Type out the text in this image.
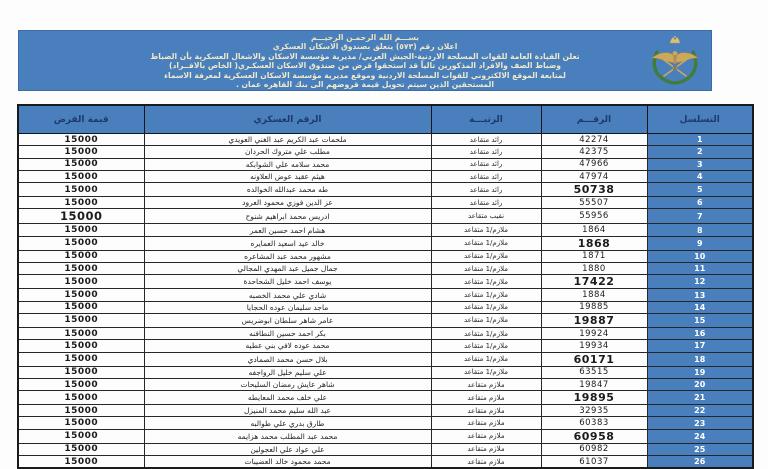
بســـم الله الرحمـن الرحيـــم
اعلان رقم (٥٧٣) يتعلق بصندوق الاسكان العسكري
تعلن القيادة العامة للقوات المسلحة الاردنية-الجيش العربي/ مديرية مؤسسة الاسكان والاشغال العسكرية بأن الضباط
وضباط الصف والافراد المذكورين تالياً قد استحقوا قرض من صندوق الاسكان العسكـري( الخاص بالافــراد)
لمتابعة الموقع الالكتروني للقوات المسلحة الاردنية وموقع مديرية مؤسسة الاسكان العسكرية لمعرفة الاسماء
المستحقين الذين سيتم تحويل قيمة قروضهم الى بنك القاهره عمان .
التسلسل	الرقـــم	الرتبـــة	الرقم العسكري	قيمة القرض
1	42274	رائد متقاعد	ملحمات عبد الكريم عبد الغني العويدي	15000
2	42375	رائد متقاعد	مطلب علي متروك الحردان	15000
3	47966	رائد متقاعد	محمد سلامه علي الشوابكه	15000
4	47974	رائد متقاعد	هيثم عقيد عوض العلاونه	15000
5	50738	رائد متقاعد	طه محمد عبدالله الخوالده	15000
6	55507	رائد متقاعد	عز الدين فوزي محمود العرود	15000
7	55956	نقيب متقاعد	ادريس محمد ابراهيم شنوح	15000
8	1864	ملازم/1 متقاعد	هشام احمد حسين العمر	15000
9	1868	ملازم/1 متقاعد	خالد عيد اسعيد العمايره	15000
10	1871	ملازم/1 متقاعد	مشهور محمد عبد المشاعره	15000
11	1880	ملازم/1 متقاعد	جمال جميل عبد المهدي المجالي	15000
12	17422	ملازم/1 متقاعد	يوسف احمد خليل الشحاحدة	15000
13	1884	ملازم/1 متقاعد	شادي علي محمد الخصبه	15000
14	19885	ملازم/1 متقاعد	ماجد سليمان عوده الحجايا	15000
15	19887	ملازم/1 متقاعد	عامر شاهر سلطان ابوضريس	15000
16	19924	ملازم/1 متقاعد	بكر احمد حسين النطافنه	15000
17	19934	ملازم/1 متقاعد	محمد عوده لافي بني عطيه	15000
18	60171	ملازم/1 متقاعد	بلال حسن محمد الصمادي	15000
19	63515	ملازم/1 متقاعد	علي سليم خليل الرواجفه	15000
20	19847	ملازم متقاعد	شاهر عايش رمضان السليحات	15000
21	19895	ملازم متقاعد	علي خلف محمد المعايطه	15000
22	32935	ملازم متقاعد	عبد الله سليم محمد المنيزل	15000
23	60383	ملازم متقاعد	طارق بدري علي طوالبه	15000
24	60958	ملازم متقاعد	محمد عبد المطلب محمد هزايمه	15000
25	60982	ملازم متقاعد	علي عواد علي العجولين	15000
26	61037	ملازم متقاعد	محمد محمود خالد العضيبات	15000
